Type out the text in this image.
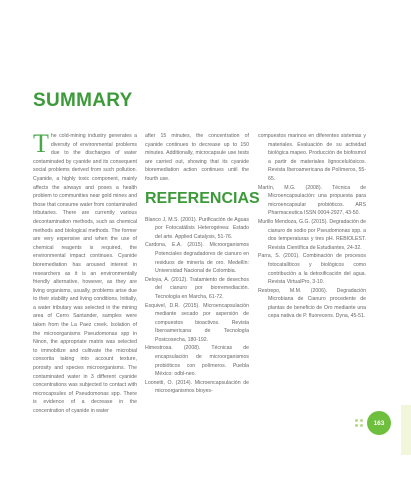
SUMMARY
T he cold-mining industry generates a diversity of environmental problems due to the discharges of water contaminated by cyanide and its consequent social problems derived from such pollution. Cyanide, a highly toxic component, mainly affects the airways and poses a health problem to communities near gold mines and those that consume water from contaminated tributaries. There are currently various decontamination methods, such as chemical methods and biological methods. The former are very expensive and when the use of chemical reagents is required, the environmental impact continues. Cyanide bioremediation has aroused interest in researchers as it is an environmentally friendly alternative, however, as they are living organisms, usually, problems arise due to their stability and living conditions. Initially, a water tributary was selected in the mining area of Cerro Santander, samples were taken from the La Paez creek. Isolation of the microorganisms Pseudomonas spp in Ninon, the appropriate matrix was selected to immobilize and cultivate the microbial consortia taking into account texture, porosity and species microorganisms. The contaminated water in 3 different cyanide concentrations was subjected to contact with microcapsules of Pseudomonas spp. There is evidence of a decrease in the concentration of cyanide in water
after 15 minutes, the concentration of cyanide continues to decrease up to 150 minutes. Additionally, microcapsule use tests are carried out, showing that its cyanide bioremediation action continues until the fourth use.
REFERENCIAS

Blanco J, M.S. (2001). Purificación de Aguas por Fotocatálisis Heterogénea: Estado del arte. Applied Catalysis, 51-76.

Cardona, E.A. (2015). Microorganismos Potenciales degradadores de cianuro en residuos de minería de oro. Medellín: Universidad Nacional de Colombia.

Deloya, A. (2012). Tratamiento de desechos del cianuro por biorremediación. Tecnología en Marcha, 61-72.

Esquivel, D.R. (2015). Microencapsulación mediante secado por aspersión de compuestos bioactivos. Revista Iberoamericana de Tecnología Postcosecha, 180-192.

Himestrosa. (2008). Técnicas de encapsulación de microorganismos probióticos con polímeros. Puebla México: odbl-neo.

Loonetti, O. (2014). Microencapsulación de microorganismos bioyes-

compuestos marinos en diferentes sistemas y materiales. Evaluación de su actividad biológica mapeo. Producción de biofosmol a partir de materiales lignocelulósicos. Revista Iberoamericana de Polímeros, 55-65.

Martín, M.G. (2008). Técnica de Microencapsulación: una propuesta para microencapsular probióticos. ARS Pharmaceutica ISSN 0004-2927, 43-50.

Murillo Mendoza, G.G. (2015). Degradación de cianuro de sodio por Pseudomonas spp. a dos temperaturas y tres pH. REBIOLEST. Revista Científica de Estudiantes, 24-32.

Parra, S. (2001). Combinación de procesos fotocatalíticos y biológicos como contribución a la detoxificación del agua. Revista VirtualPro, 3-10.

Restrepo, M.M. (2006). Degradación Microbiana de Cianuro procedente de plantas de beneficio de Oro mediante una cepa nativa de P. fluorecens. Dyna, 45-51.

163
